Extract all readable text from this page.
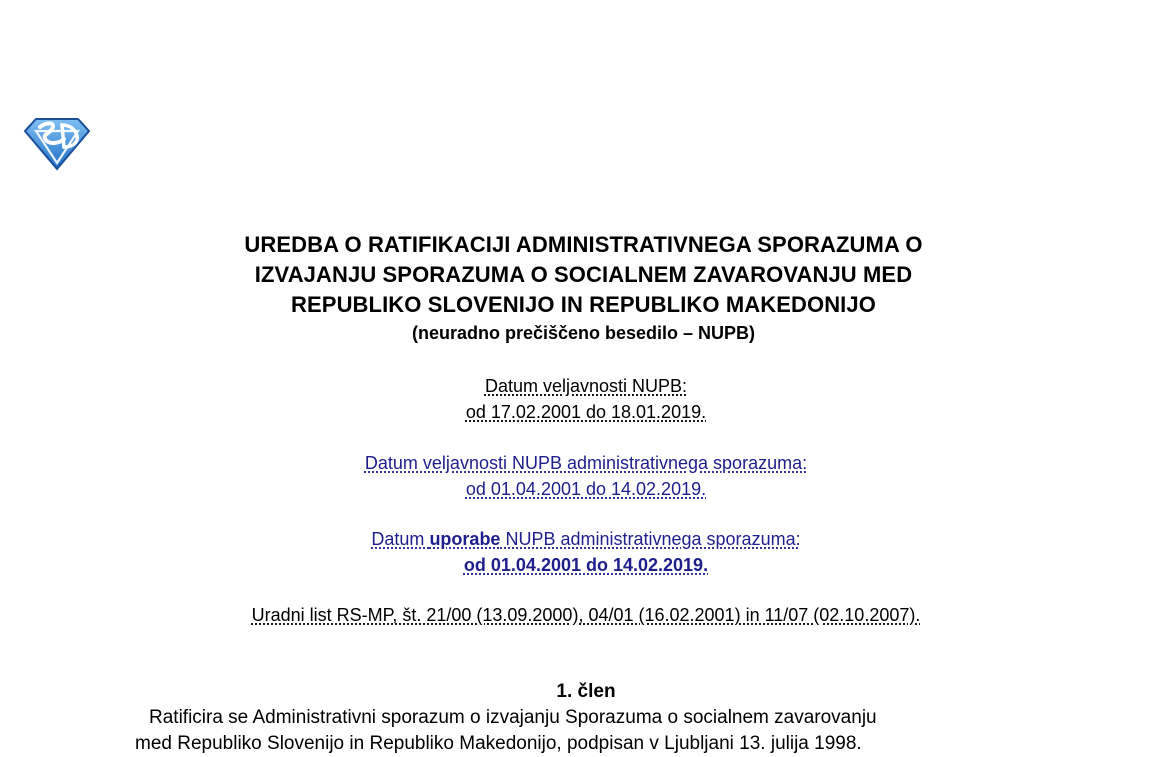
UREDBA O RATIFIKACIJI ADMINISTRATIVNEGA SPORAZUMA O
IZVAJANJU SPORAZUMA O SOCIALNEM ZAVAROVANJU MED
REPUBLIKO SLOVENIJO IN REPUBLIKO MAKEDONIJO
(neuradno prečiščeno besedilo – NUPB)
Datum veljavnosti NUPB:
od 17.02.2001 do 18.01.2019.
Datum veljavnosti NUPB administrativnega sporazuma:
od 01.04.2001 do 14.02.2019.
Datum uporabe NUPB administrativnega sporazuma:
od 01.04.2001 do 14.02.2019.
Uradni list RS-MP, št. 21/00 (13.09.2000), 04/01 (16.02.2001) in 11/07 (02.10.2007).
1. člen
Ratificira se Administrativni sporazum o izvajanju Sporazuma o socialnem zavarovanju
med Republiko Slovenijo in Republiko Makedonijo, podpisan v Ljubljani 13. julija 1998.
